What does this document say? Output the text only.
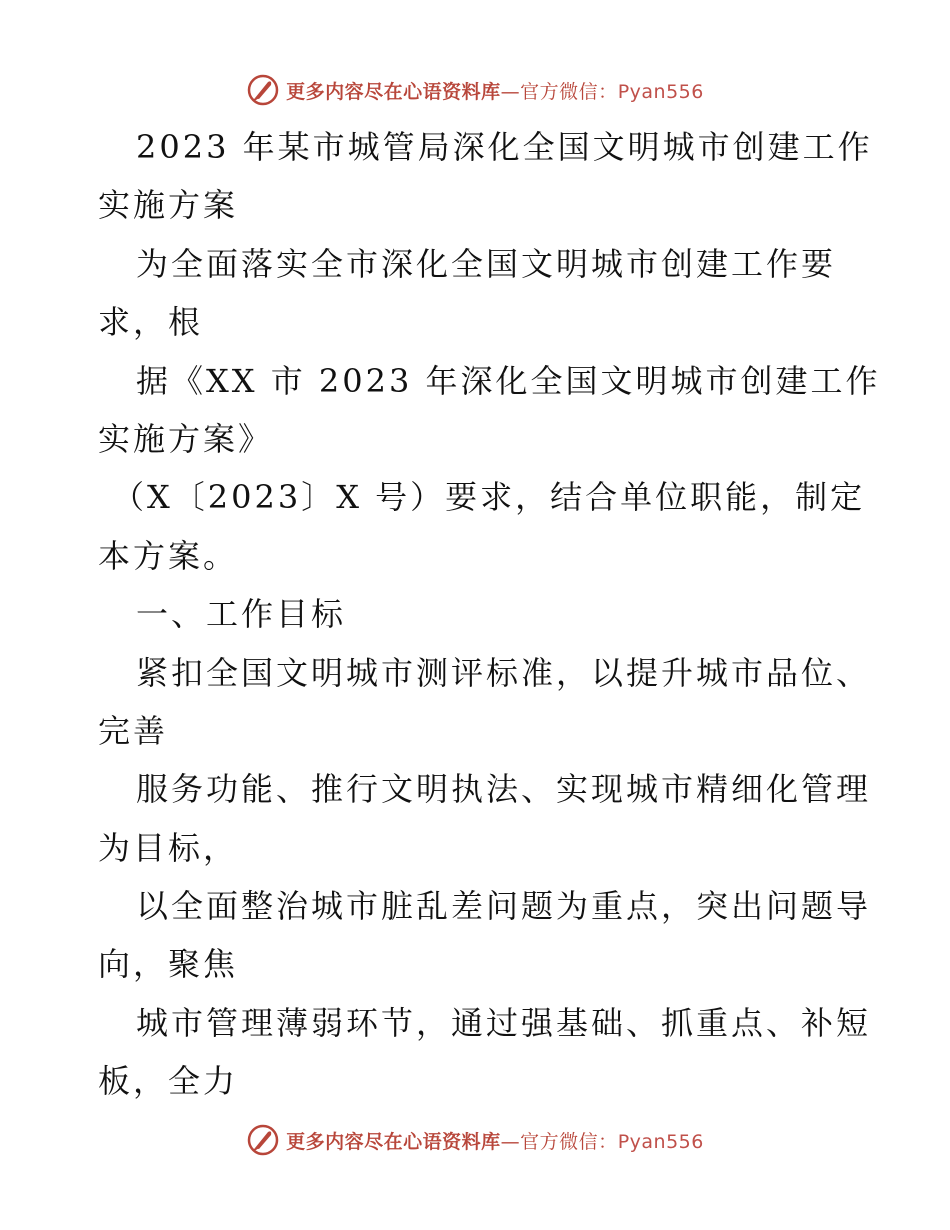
更多内容尽在心语资料库—官方微信：Pyan556
2023 年某市城管局深化全国文明城市创建工作
实施方案
为全面落实全市深化全国文明城市创建工作要
求，根
据《XX 市 2023 年深化全国文明城市创建工作
实施方案》
（X〔2023〕X 号）要求，结合单位职能，制定
本方案。
一、工作目标
紧扣全国文明城市测评标准，以提升城市品位、
完善
服务功能、推行文明执法、实现城市精细化管理
为目标，
以全面整治城市脏乱差问题为重点，突出问题导
向，聚焦
城市管理薄弱环节，通过强基础、抓重点、补短
板，全力
更多内容尽在心语资料库—官方微信：Pyan556
